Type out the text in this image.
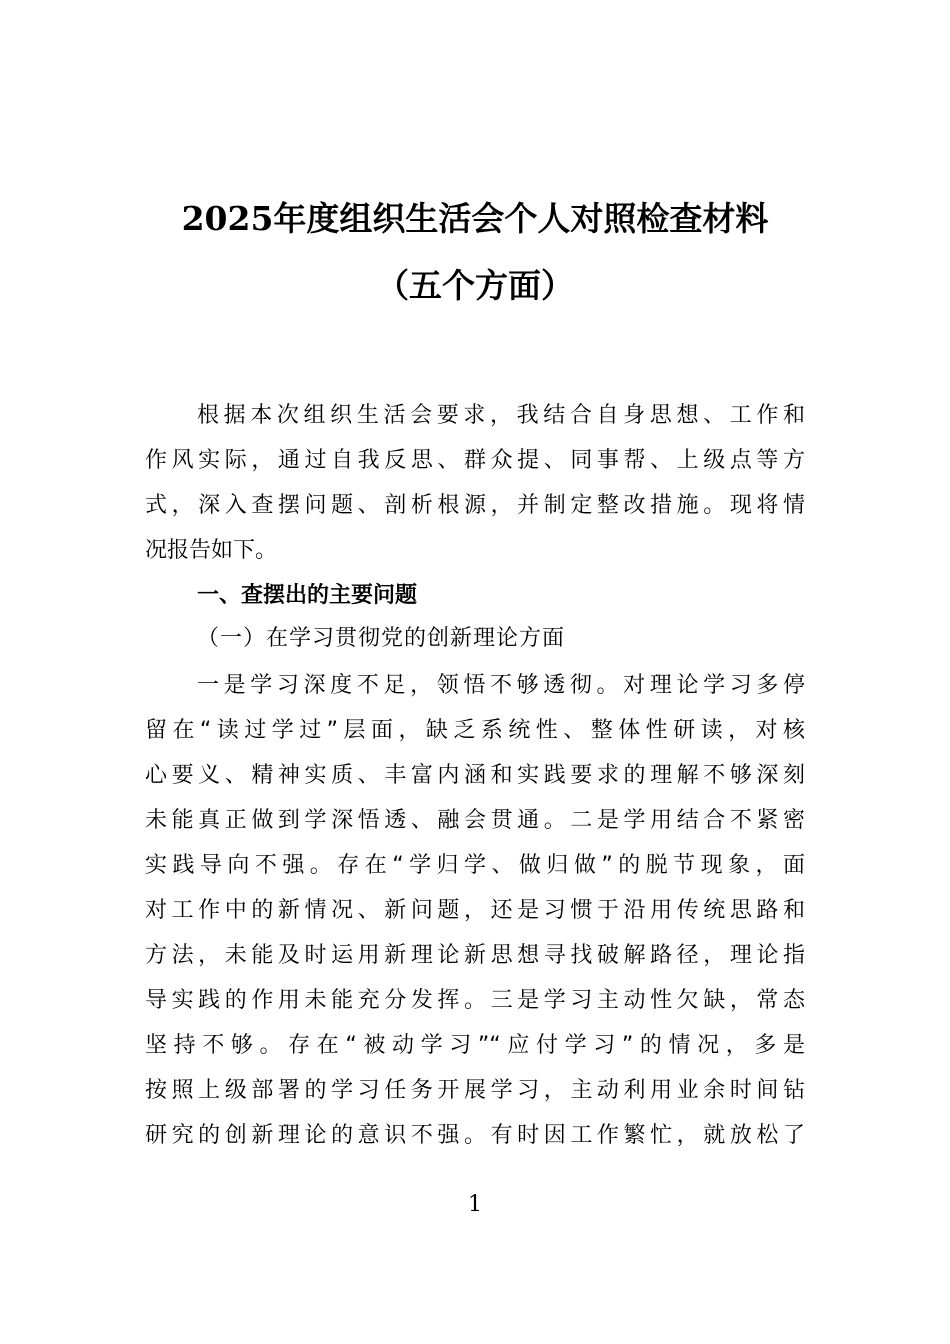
2025年度组织生活会个人对照检查材料
（五个方面）
根据本次组织生活会要求，我结合自身思想、工作和
作风实际，通过自我反思、群众提、同事帮、上级点等方
式，深入查摆问题、剖析根源，并制定整改措施。现将情
况报告如下。
一、查摆出的主要问题
（一）在学习贯彻党的创新理论方面
一是学习深度不足，领悟不够透彻。对理论学习多停
留在“读过学过”层面，缺乏系统性、整体性研读，对核
心要义、精神实质、丰富内涵和实践要求的理解不够深刻
未能真正做到学深悟透、融会贯通。二是学用结合不紧密
实践导向不强。存在“学归学、做归做”的脱节现象，面
对工作中的新情况、新问题，还是习惯于沿用传统思路和
方法，未能及时运用新理论新思想寻找破解路径，理论指
导实践的作用未能充分发挥。三是学习主动性欠缺，常态
坚持不够。存在“被动学习”“应付学习”的情况，多是
按照上级部署的学习任务开展学习，主动利用业余时间钻
研究的创新理论的意识不强。有时因工作繁忙，就放松了
1
